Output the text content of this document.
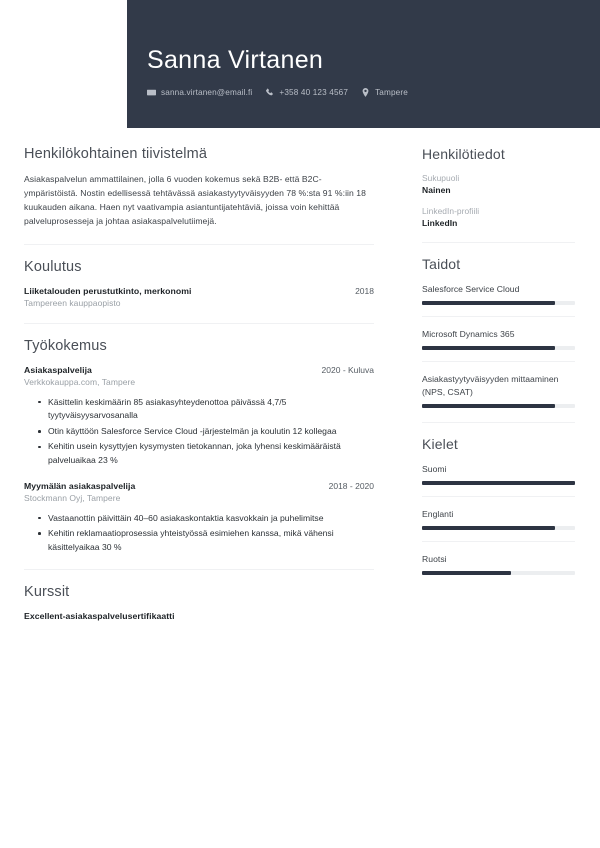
Sanna Virtanen
sanna.virtanen@email.fi	+358 40 123 4567	Tampere
Henkilökohtainen tiivistelmä
Asiakaspalvelun ammattilainen, jolla 6 vuoden kokemus sekä B2B- että B2C-ympäristöistä. Nostin edellisessä tehtävässä asiakastyytyväisyyden 78 %:sta 91 %:iin 18 kuukauden aikana. Haen nyt vaativampia asiantuntijatehtäviä, joissa voin kehittää palveluprosesseja ja johtaa asiakaspalvelutiimejä.
Koulutus
Liiketalouden perustutkinto, merkonomi	2018
Tampereen kauppaopisto
Työkokemus
Asiakaspalvelija	2020 - Kuluva
Verkkokauppa.com, Tampere
Käsittelin keskimäärin 85 asiakasyhteydenottoa päivässä 4,7/5 tyytyväisyysarvosanalla
Otin käyttöön Salesforce Service Cloud -järjestelmän ja koulutin 12 kollegaa
Kehitin usein kysyttyjen kysymysten tietokannan, joka lyhensi keskimääräistä palveluaikaa 23 %
Myymälän asiakaspalvelija	2018 - 2020
Stockmann Oyj, Tampere
Vastaanottin päivittäin 40–60 asiakaskontaktia kasvokkain ja puhelimitse
Kehitin reklamaatioprosessia yhteistyössä esimiehen kanssa, mikä vähensi käsittelyaikaa 30 %
Kurssit
Excellent-asiakaspalvelusertifikaatti
Henkilötiedot
Sukupuoli
Nainen
LinkedIn-profiili
LinkedIn
Taidot
Salesforce Service Cloud
Microsoft Dynamics 365
Asiakastyytyväisyyden mittaaminen (NPS, CSAT)
Kielet
Suomi
Englanti
Ruotsi
